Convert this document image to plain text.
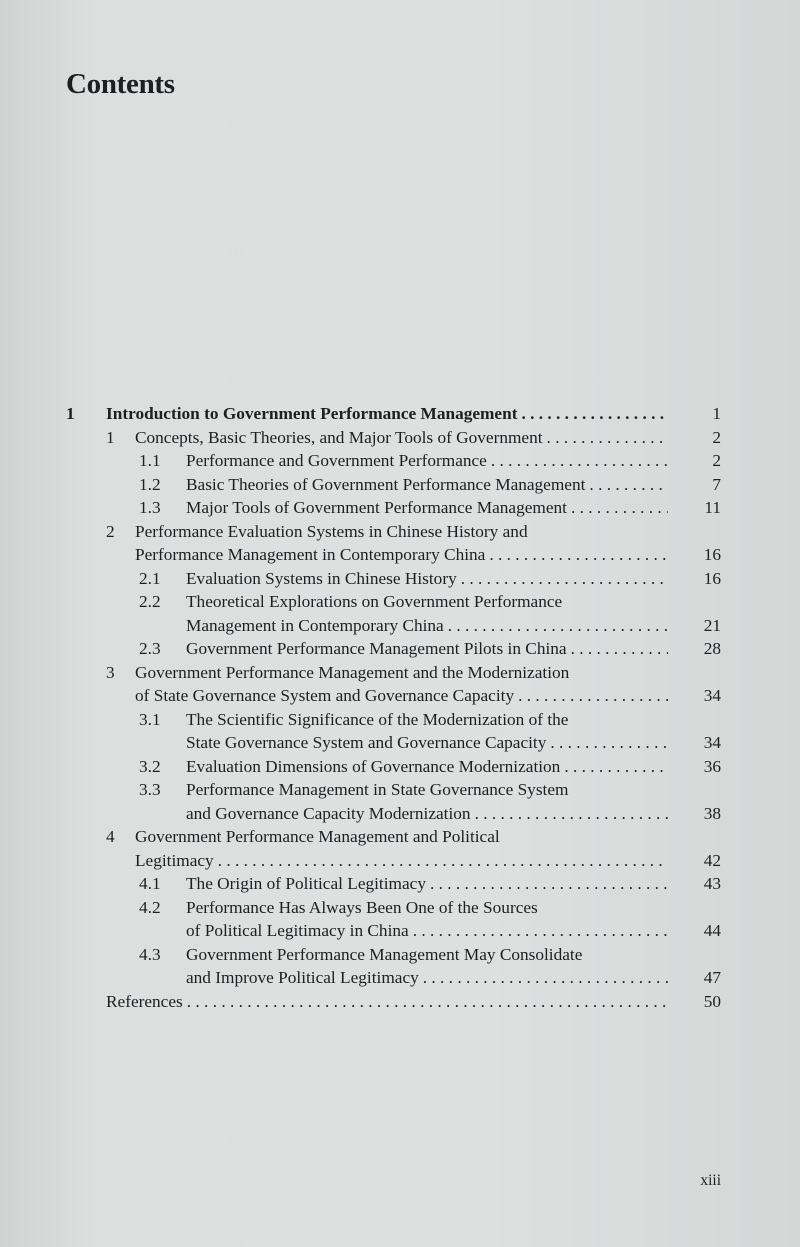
Contents
1 Introduction to Government Performance Management . . .	1
1 Concepts, Basic Theories, and Major Tools of Government . . .	2
1.1 Performance and Government Performance . . .	2
1.2 Basic Theories of Government Performance Management . . .	7
1.3 Major Tools of Government Performance Management . . .	11
2 Performance Evaluation Systems in Chinese History and
Performance Management in Contemporary China . . .	16
2.1 Evaluation Systems in Chinese History . . .	16
2.2 Theoretical Explorations on Government Performance
Management in Contemporary China . . .	21
2.3 Government Performance Management Pilots in China . . .	28
3 Government Performance Management and the Modernization
of State Governance System and Governance Capacity . . .	34
3.1 The Scientific Significance of the Modernization of the
State Governance System and Governance Capacity . . .	34
3.2 Evaluation Dimensions of Governance Modernization . . .	36
3.3 Performance Management in State Governance System
and Governance Capacity Modernization . . .	38
4 Government Performance Management and Political
Legitimacy . . .	42
4.1 The Origin of Political Legitimacy . . .	43
4.2 Performance Has Always Been One of the Sources
of Political Legitimacy in China . . .	44
4.3 Government Performance Management May Consolidate
and Improve Political Legitimacy . . .	47
References . . .	50
xiii
